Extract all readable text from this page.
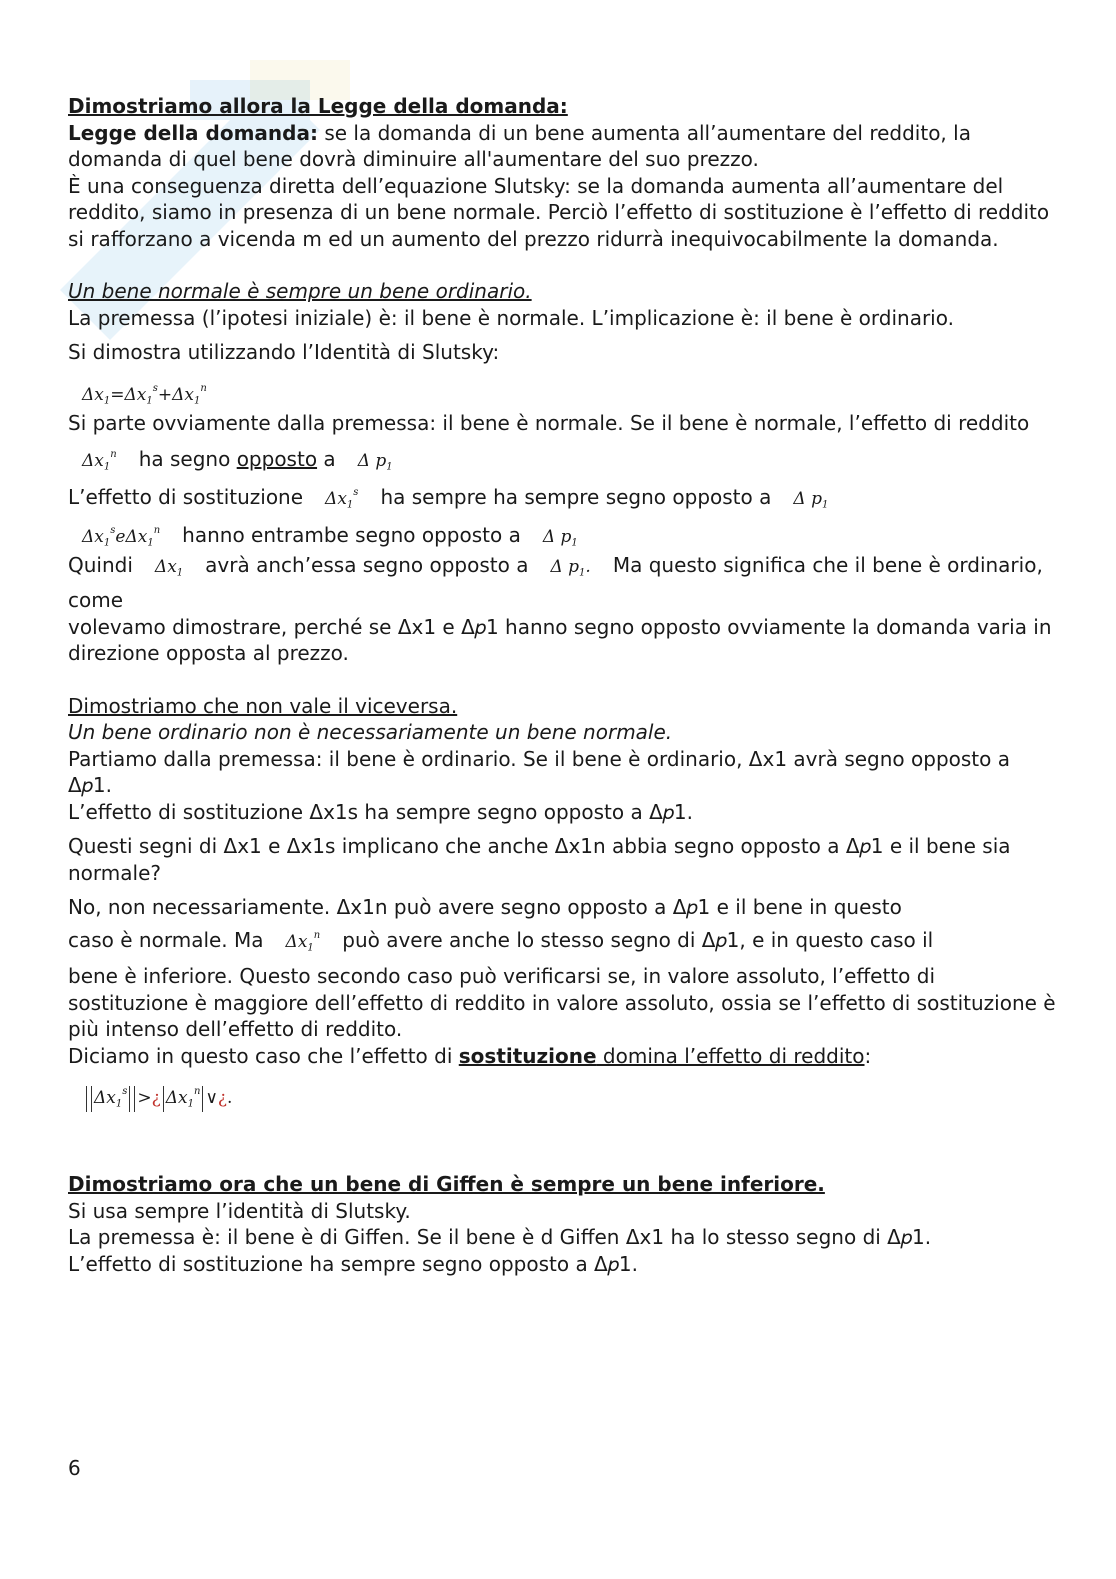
Dimostriamo allora la Legge della domanda:

Legge della domanda: se la domanda di un bene aumenta all’aumentare del reddito, la domanda di quel bene dovrà diminuire all'aumentare del suo prezzo.

È una conseguenza diretta dell’equazione Slutsky: se la domanda aumenta all’aumentare del reddito, siamo in presenza di un bene normale. Perciò l’effetto di sostituzione è l’effetto di reddito si rafforzano a vicenda m ed un aumento del prezzo ridurrà inequivocabilmente la domanda.

Un bene normale è sempre un bene ordinario.

La premessa (l’ipotesi iniziale) è: il bene è normale. L’implicazione è: il bene è ordinario.

Si dimostra utilizzando l’Identità di Slutsky:

$\Delta x_1=\Delta x_1^s+\Delta x_1^n$

Si parte ovviamente dalla premessa: il bene è normale. Se il bene è normale, l’effetto di reddito

$\Delta x_1^n$ ha segno opposto a Δ $p_1$
L’effetto di sostituzione $\Delta x_1^s$ ha sempre ha sempre segno opposto a Δ $p_1$
$\Delta x_1^se\Delta x_1^n$ hanno entrambe segno opposto a Δ $p_1$

Quindi $\Delta x_1$ avrà anch’essa segno opposto a Δ $p_1$. Ma questo significa che il bene è ordinario, come

volevamo dimostrare, perché se Δx1 e Δ𝑝1 hanno segno opposto ovviamente la domanda varia in

direzione opposta al prezzo.

Dimostriamo che non vale il viceversa.

Un bene ordinario non è necessariamente un bene normale.

Partiamo dalla premessa: il bene è ordinario. Se il bene è ordinario, Δx1 avrà segno opposto a Δ𝑝1.

L’effetto di sostituzione Δx1s ha sempre segno opposto a Δ𝑝1.

Questi segni di Δx1 e Δx1s implicano che anche Δx1n abbia segno opposto a Δ𝑝1 e il bene sia normale?

No, non necessariamente. Δx1n può avere segno opposto a Δ𝑝1 e il bene in questo

caso è normale. Ma $\Delta x_1^n$ può avere anche lo stesso segno di Δ𝑝1, e in questo caso il

bene è inferiore. Questo secondo caso può verificarsi se, in valore assoluto, l’effetto di sostituzione è maggiore dell’effetto di reddito in valore assoluto, ossia se l’effetto di sostituzione è più intenso dell’effetto di reddito.

Diciamo in questo caso che l’effetto di sostituzione domina l’effetto di reddito:

$\Delta x_1^s$ >¿ $\Delta x_1^n$ ∨¿.

Dimostriamo ora che un bene di Giffen è sempre un bene inferiore.

Si usa sempre l’identità di Slutsky.

La premessa è: il bene è di Giffen. Se il bene è d Giffen Δx1 ha lo stesso segno di Δ𝑝1.

L’effetto di sostituzione ha sempre segno opposto a Δ𝑝1.

6
